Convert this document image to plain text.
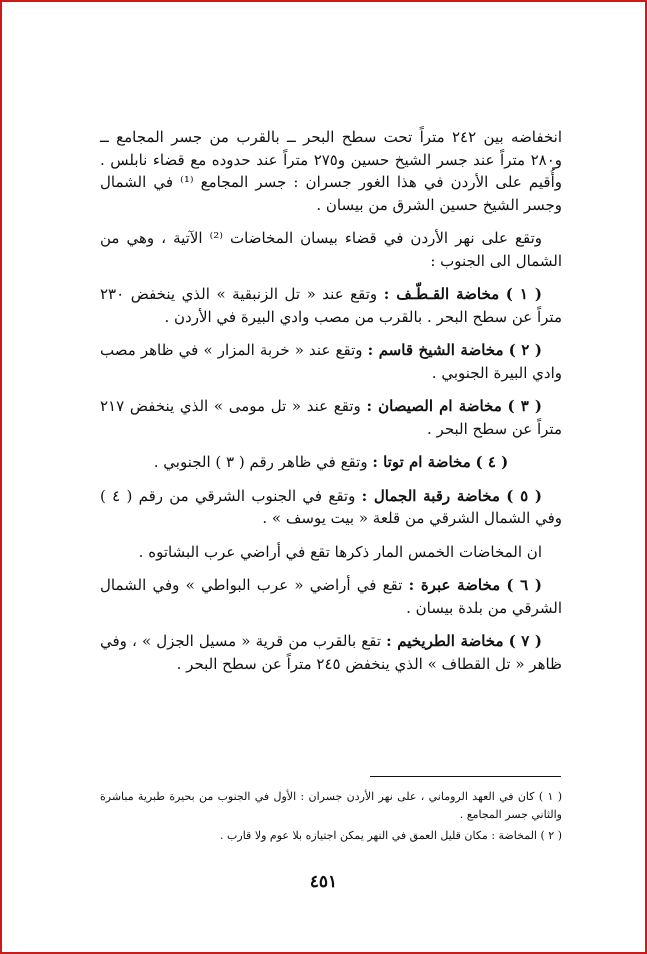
انخفاضه بين ٢٤٢ متراً تحت سطح البحر ــ بالقرب من جسر المجامع ــ و٢٨٠ متراً عند جسر الشيخ حسين و٢٧٥ متراً عند حدوده مع قضاء نابلس . وأُقيم على الأردن في هذا الغور جسران : جسر المجامع ⁽¹⁾ في الشمال وجسر الشيخ حسين الشرق من بيسان .

وتقع على نهر الأردن في قضاء بيسان المخاضات ⁽²⁾ الآتية ، وهي من الشمال الى الجنوب :

( ١ ) مخاضة القـطّـف : وتقع عند « تل الزنبقية » الذي ينخفض ٢٣٠ متراً عن سطح البحر . بالقرب من مصب وادي البيرة في الأردن .

( ٢ ) مخاضة الشيخ قاسم : وتقع عند « خربة المزار » في ظاهر مصب وادي البيرة الجنوبي .

( ٣ ) مخاضة ام الصيصان : وتقع عند « تل مومى » الذي ينخفض ٢١٧ متراً عن سطح البحر .

( ٤ ) مخاضة ام توتا : وتقع في ظاهر رقم ( ٣ ) الجنوبي .

( ٥ ) مخاضة رقبة الجمال : وتقع في الجنوب الشرقي من رقم ( ٤ ) وفي الشمال الشرقي من قلعة « بيت يوسف » .

ان المخاضات الخمس المار ذكرها تقع في أراضي عرب البشاتوه .

( ٦ ) مخاضة عبرة : تقع في أراضي « عرب البواطي » وفي الشمال الشرقي من بلدة بيسان .

( ٧ ) مخاضة الطريخيم : تقع بالقرب من قرية « مسيل الجزل » ، وفي ظاهر « تل القطاف » الذي ينخفض ٢٤٥ متراً عن سطح البحر .

( ١ ) كان في العهد الروماني ، على نهر الأردن جسران : الأول في الجنوب من بحيرة طبرية مباشرة والثاني جسر المجامع .

( ٢ ) المخاضة : مكان قليل العمق في النهر يمكن اجتيازه بلا عوم ولا قارب .

٤٥١
